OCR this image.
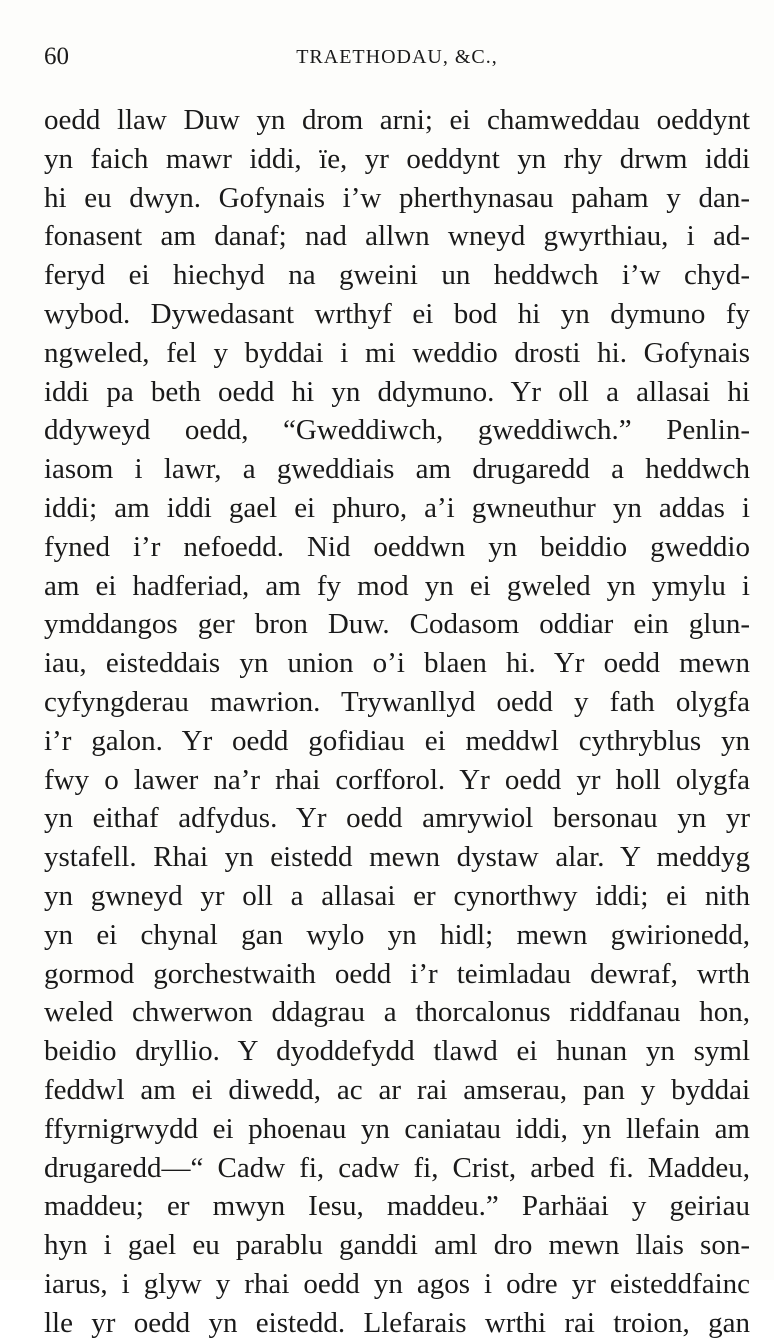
60	TRAETHODAU, &C.,
oedd llaw Duw yn drom arni; ei chamweddau oeddynt
yn faich mawr iddi, ïe, yr oeddynt yn rhy drwm iddi
hi eu dwyn. Gofynais i’w pherthynasau paham y dan-
fonasent am danaf; nad allwn wneyd gwyrthiau, i ad-
feryd ei hiechyd na gweini un heddwch i’w chyd-
wybod. Dywedasant wrthyf ei bod hi yn dymuno fy
ngweled, fel y byddai i mi weddio drosti hi. Gofynais
iddi pa beth oedd hi yn ddymuno. Yr oll a allasai hi
ddyweyd oedd, “Gweddiwch, gweddiwch.” Penlin-
iasom i lawr, a gweddiais am drugaredd a heddwch
iddi; am iddi gael ei phuro, a’i gwneuthur yn addas i
fyned i’r nefoedd. Nid oeddwn yn beiddio gweddio
am ei hadferiad, am fy mod yn ei gweled yn ymylu i
ymddangos ger bron Duw. Codasom oddiar ein glun-
iau, eisteddais yn union o’i blaen hi. Yr oedd mewn
cyfyngderau mawrion. Trywanllyd oedd y fath olygfa
i’r galon. Yr oedd gofidiau ei meddwl cythryblus yn
fwy o lawer na’r rhai corfforol. Yr oedd yr holl olygfa
yn eithaf adfydus. Yr oedd amrywiol bersonau yn yr
ystafell. Rhai yn eistedd mewn dystaw alar. Y meddyg
yn gwneyd yr oll a allasai er cynorthwy iddi; ei nith
yn ei chynal gan wylo yn hidl; mewn gwirionedd,
gormod gorchestwaith oedd i’r teimladau dewraf, wrth
weled chwerwon ddagrau a thorcalonus riddfanau hon,
beidio dryllio. Y dyoddefydd tlawd ei hunan yn syml
feddwl am ei diwedd, ac ar rai amserau, pan y byddai
ffyrnigrwydd ei phoenau yn caniatau iddi, yn llefain am
drugaredd—“ Cadw fi, cadw fi, Crist, arbed fi. Maddeu,
maddeu; er mwyn Iesu, maddeu.” Parhäai y geiriau
hyn i gael eu parablu ganddi aml dro mewn llais son-
iarus, i glyw y rhai oedd yn agos i odre yr eisteddfainc
lle yr oedd yn eistedd. Llefarais wrthi rai troion, gan
